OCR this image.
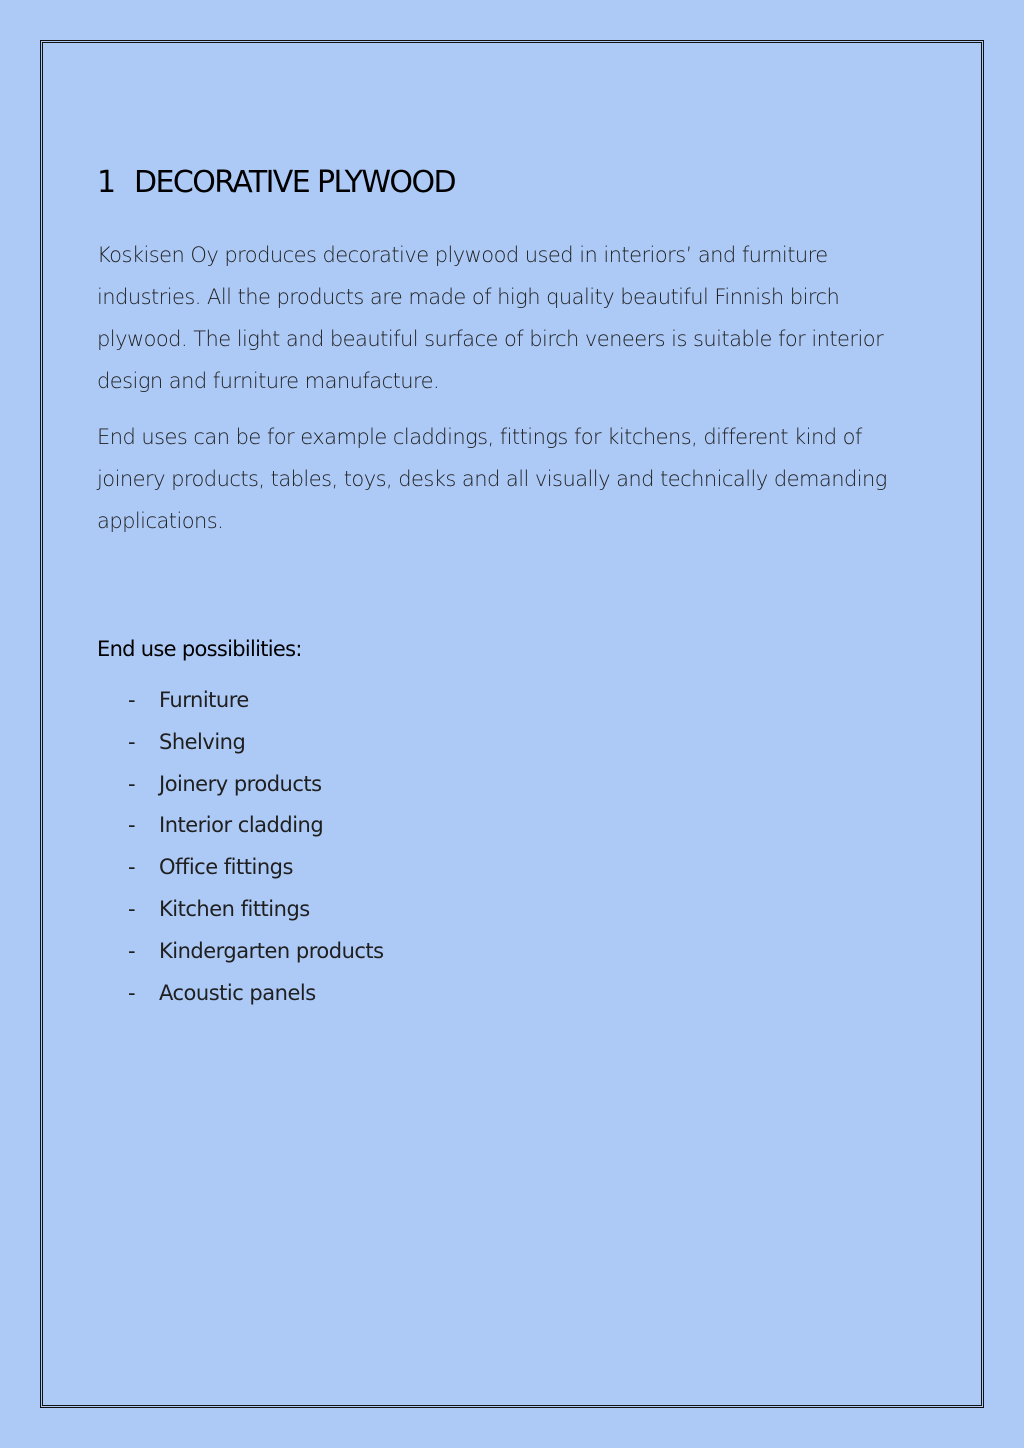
1 DECORATIVE PLYWOOD

Koskisen Oy produces decorative plywood used in interiors’ and furniture industries. All the products are made of high quality beautiful Finnish birch plywood. The light and beautiful surface of birch veneers is suitable for interior design and furniture manufacture.

End uses can be for example claddings, fittings for kitchens, different kind of joinery products, tables, toys, desks and all visually and technically demanding applications.

End use possibilities:
-	Furniture
-	Shelving
-	Joinery products
-	Interior cladding
-	Office fittings
-	Kitchen fittings
-	Kindergarten products
-	Acoustic panels
